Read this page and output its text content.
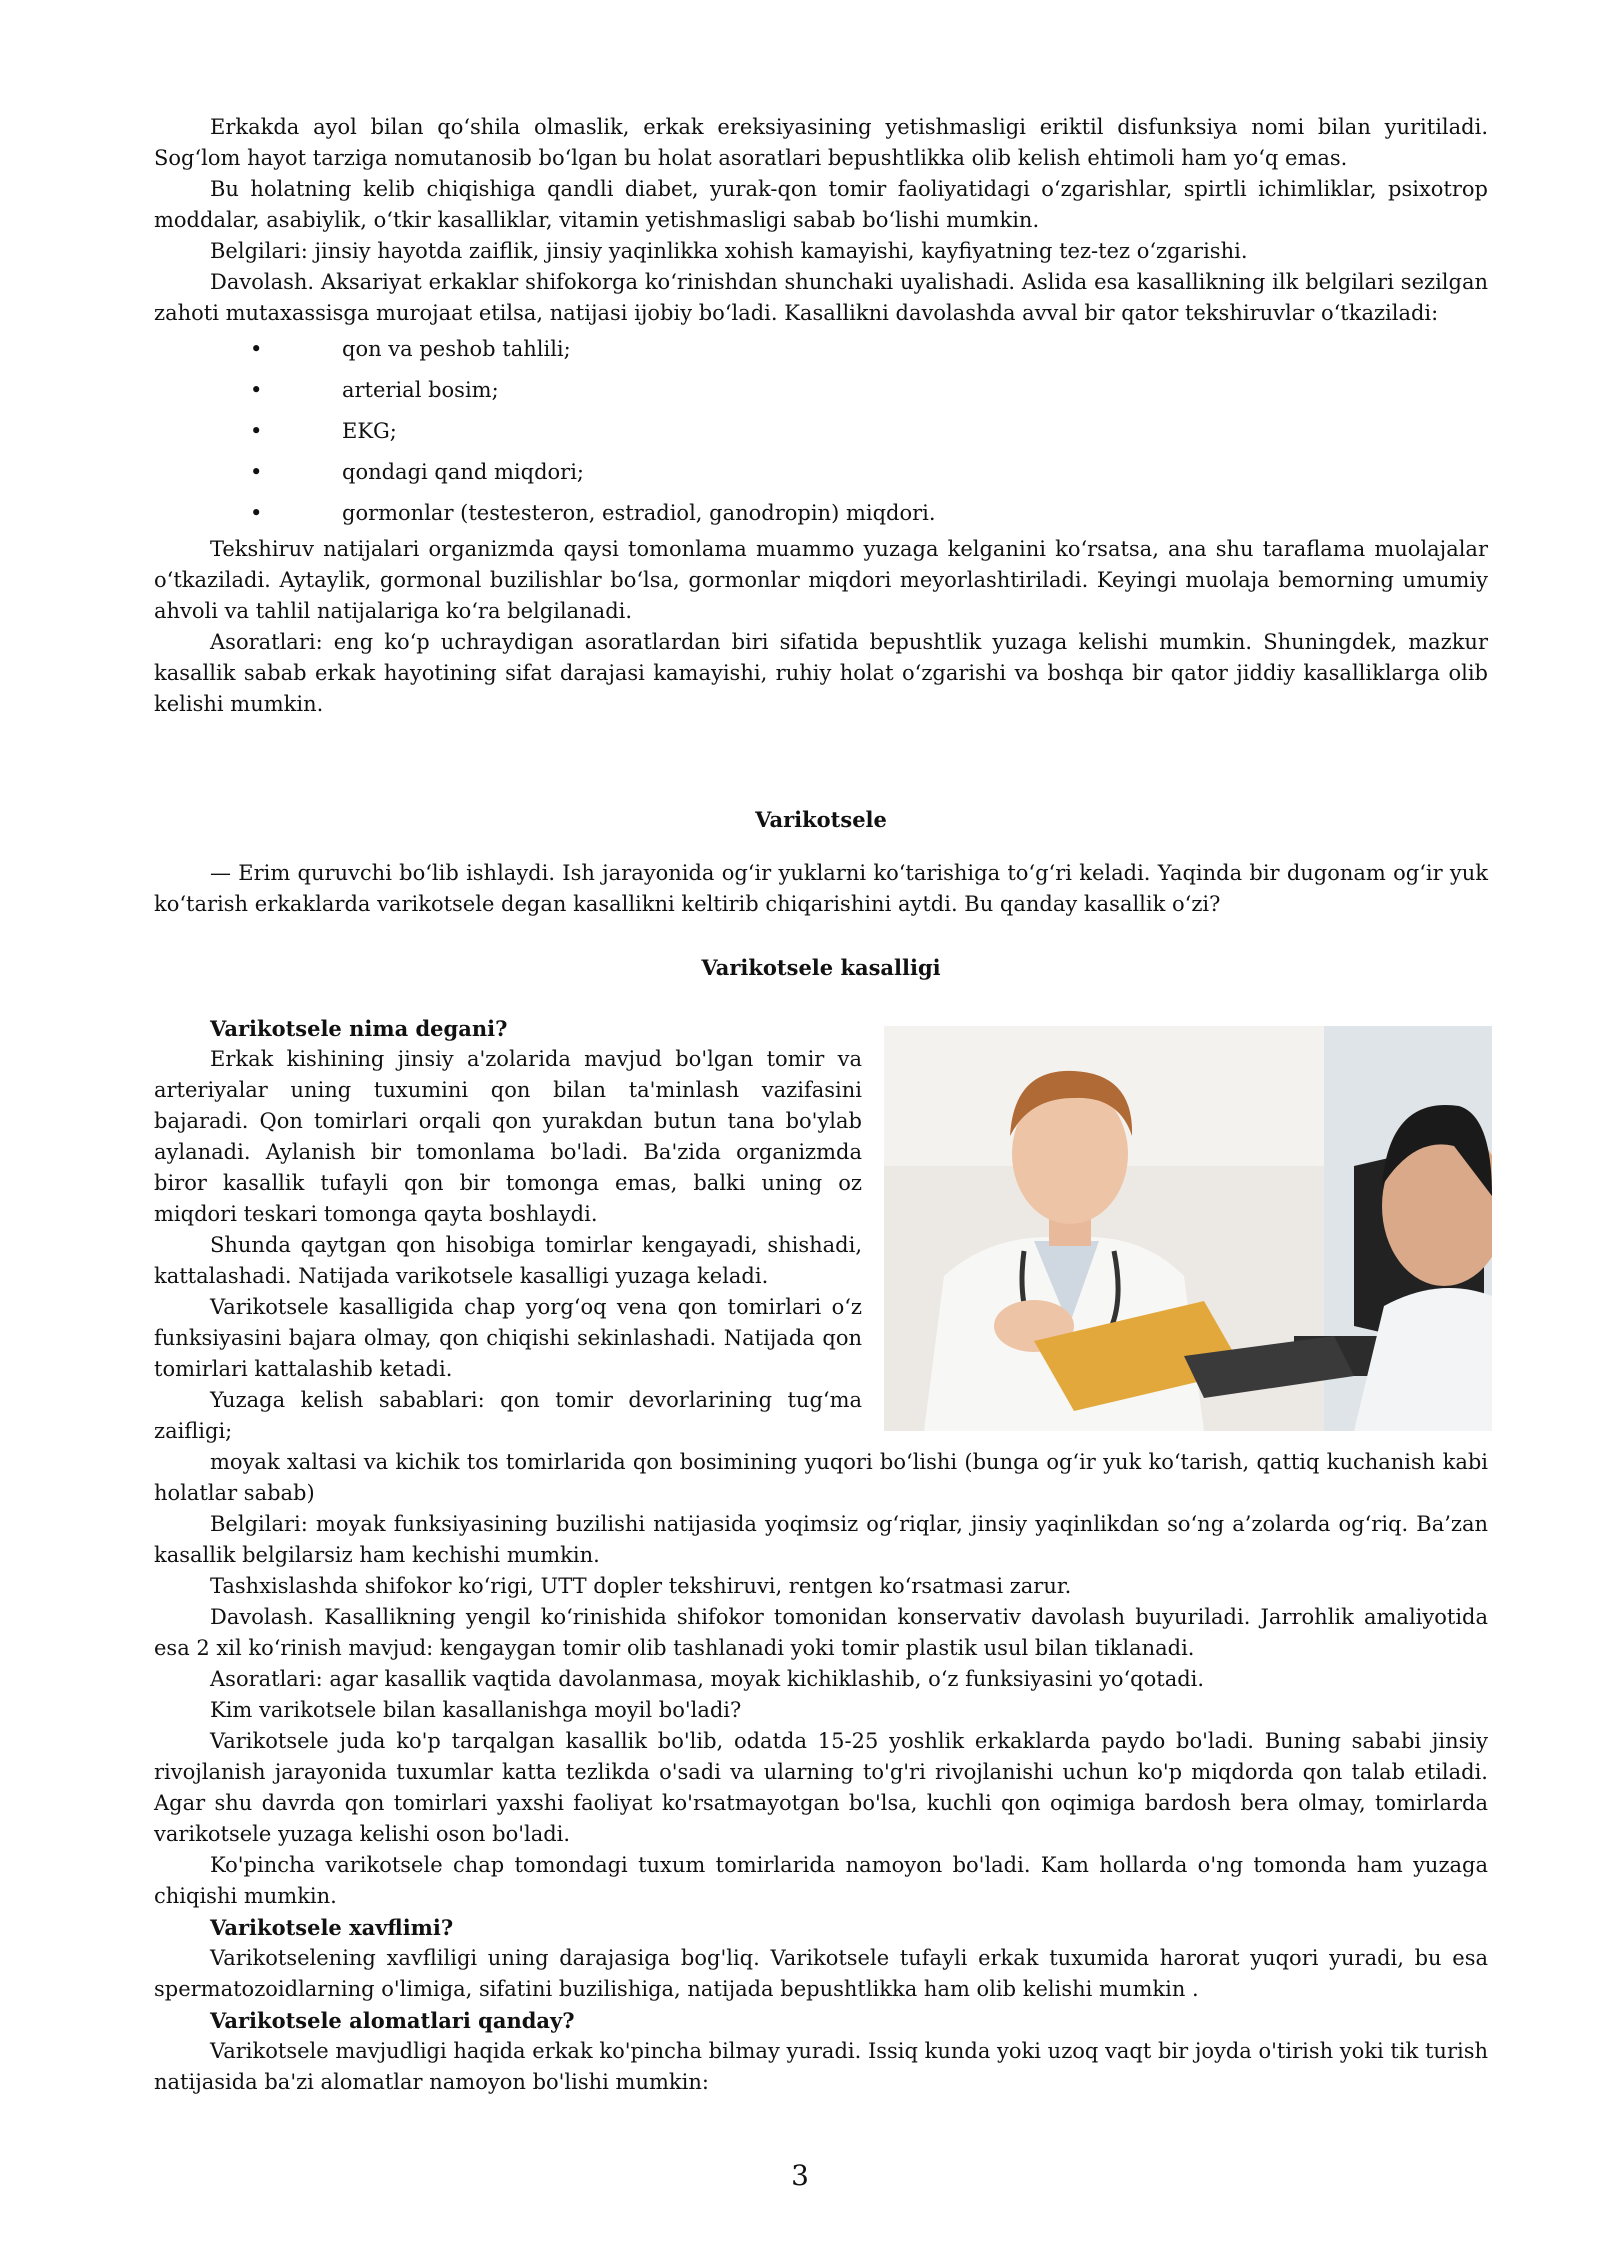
Erkakda ayol bilan qo‘shila olmaslik, erkak ereksiyasining yetishmasligi eriktil disfunksiya nomi bilan yuritiladi. Sog‘lom hayot tarziga nomutanosib bo‘lgan bu holat asoratlari bepushtlikka olib kelish ehtimoli ham yo‘q emas.

Bu holatning kelib chiqishiga qandli diabet, yurak-qon tomir faoliyatidagi o‘zgarishlar, spirtli ichimliklar, psixotrop moddalar, asabiylik, o‘tkir kasalliklar, vitamin yetishmasligi sabab bo‘lishi mumkin.

Belgilari: jinsiy hayotda zaiflik, jinsiy yaqinlikka xohish kamayishi, kayfiyatning tez-tez o‘zgarishi.

Davolash. Aksariyat erkaklar shifokorga ko‘rinishdan shunchaki uyalishadi. Aslida esa kasallikning ilk belgilari sezilgan zahoti mutaxassisga murojaat etilsa, natijasi ijobiy bo‘ladi. Kasallikni davolashda avval bir qator tekshiruvlar o‘tkaziladi:

•	qon va peshob tahlili;
•	arterial bosim;
•	EKG;
•	qondagi qand miqdori;
•	gormonlar (testesteron, estradiol, ganodropin) miqdori.

Tekshiruv natijalari organizmda qaysi tomonlama muammo yuzaga kelganini ko‘rsatsa, ana shu taraflama muolajalar o‘tkaziladi. Aytaylik, gormonal buzilishlar bo‘lsa, gormonlar miqdori meyorlashtiriladi. Keyingi muolaja bemorning umumiy ahvoli va tahlil natijalariga ko‘ra belgilanadi.

Asoratlari: eng ko‘p uchraydigan asoratlardan biri sifatida bepushtlik yuzaga kelishi mumkin. Shuningdek, mazkur kasallik sabab erkak hayotining sifat darajasi kamayishi, ruhiy holat o‘zgarishi va boshqa bir qator jiddiy kasalliklarga olib kelishi mumkin.

Varikotsele

— Erim quruvchi bo‘lib ishlaydi. Ish jarayonida og‘ir yuklarni ko‘tarishiga to‘g‘ri keladi. Yaqinda bir dugonam og‘ir yuk ko‘tarish erkaklarda varikotsele degan kasallikni keltirib chiqarishini aytdi. Bu qanday kasallik o‘zi?

Varikotsele kasalligi

Varikotsele nima degani?

Erkak kishining jinsiy a'zolarida mavjud bo'lgan tomir va arteriyalar uning tuxumini qon bilan ta'minlash vazifasini bajaradi. Qon tomirlari orqali qon yurakdan butun tana bo'ylab aylanadi. Aylanish bir tomonlama bo'ladi. Ba'zida organizmda biror kasallik tufayli qon bir tomonga emas, balki uning oz miqdori teskari tomonga qayta boshlaydi.

Shunda qaytgan qon hisobiga tomirlar kengayadi, shishadi, kattalashadi. Natijada varikotsele kasalligi yuzaga keladi.

Varikotsele kasalligida chap yorg‘oq vena qon tomirlari o‘z funksiyasini bajara olmay, qon chiqishi sekinlashadi. Natijada qon tomirlari kattalashib ketadi.

Yuzaga kelish sabablari: qon tomir devorlarining tug‘ma zaifligi;

moyak xaltasi va kichik tos tomirlarida qon bosimining yuqori bo‘lishi (bunga og‘ir yuk ko‘tarish, qattiq kuchanish kabi holatlar sabab)

Belgilari: moyak funksiyasining buzilishi natijasida yoqimsiz og‘riqlar, jinsiy yaqinlikdan so‘ng a’zolarda og‘riq. Ba’zan kasallik belgilarsiz ham kechishi mumkin.

Tashxislashda shifokor ko‘rigi, UTT dopler tekshiruvi, rentgen ko‘rsatmasi zarur.

Davolash. Kasallikning yengil ko‘rinishida shifokor tomonidan konservativ davolash buyuriladi. Jarrohlik amaliyotida esa 2 xil ko‘rinish mavjud: kengaygan tomir olib tashlanadi yoki tomir plastik usul bilan tiklanadi.

Asoratlari: agar kasallik vaqtida davolanmasa, moyak kichiklashib, o‘z funksiyasini yo‘qotadi.

Kim varikotsele bilan kasallanishga moyil bo'ladi?

Varikotsele juda ko'p tarqalgan kasallik bo'lib, odatda 15-25 yoshlik erkaklarda paydo bo'ladi. Buning sababi jinsiy rivojlanish jarayonida tuxumlar katta tezlikda o'sadi va ularning to'g'ri rivojlanishi uchun ko'p miqdorda qon talab etiladi. Agar shu davrda qon tomirlari yaxshi faoliyat ko'rsatmayotgan bo'lsa, kuchli qon oqimiga bardosh bera olmay, tomirlarda varikotsele yuzaga kelishi oson bo'ladi.

Ko'pincha varikotsele chap tomondagi tuxum tomirlarida namoyon bo'ladi. Kam hollarda o'ng tomonda ham yuzaga chiqishi mumkin.

Varikotsele xavflimi?

Varikotselening xavfliligi uning darajasiga bog'liq. Varikotsele tufayli erkak tuxumida harorat yuqori yuradi, bu esa spermatozoidlarning o'limiga, sifatini buzilishiga, natijada bepushtlikka ham olib kelishi mumkin .

Varikotsele alomatlari qanday?

Varikotsele mavjudligi haqida erkak ko'pincha bilmay yuradi. Issiq kunda yoki uzoq vaqt bir joyda o'tirish yoki tik turish natijasida ba'zi alomatlar namoyon bo'lishi mumkin:

3
